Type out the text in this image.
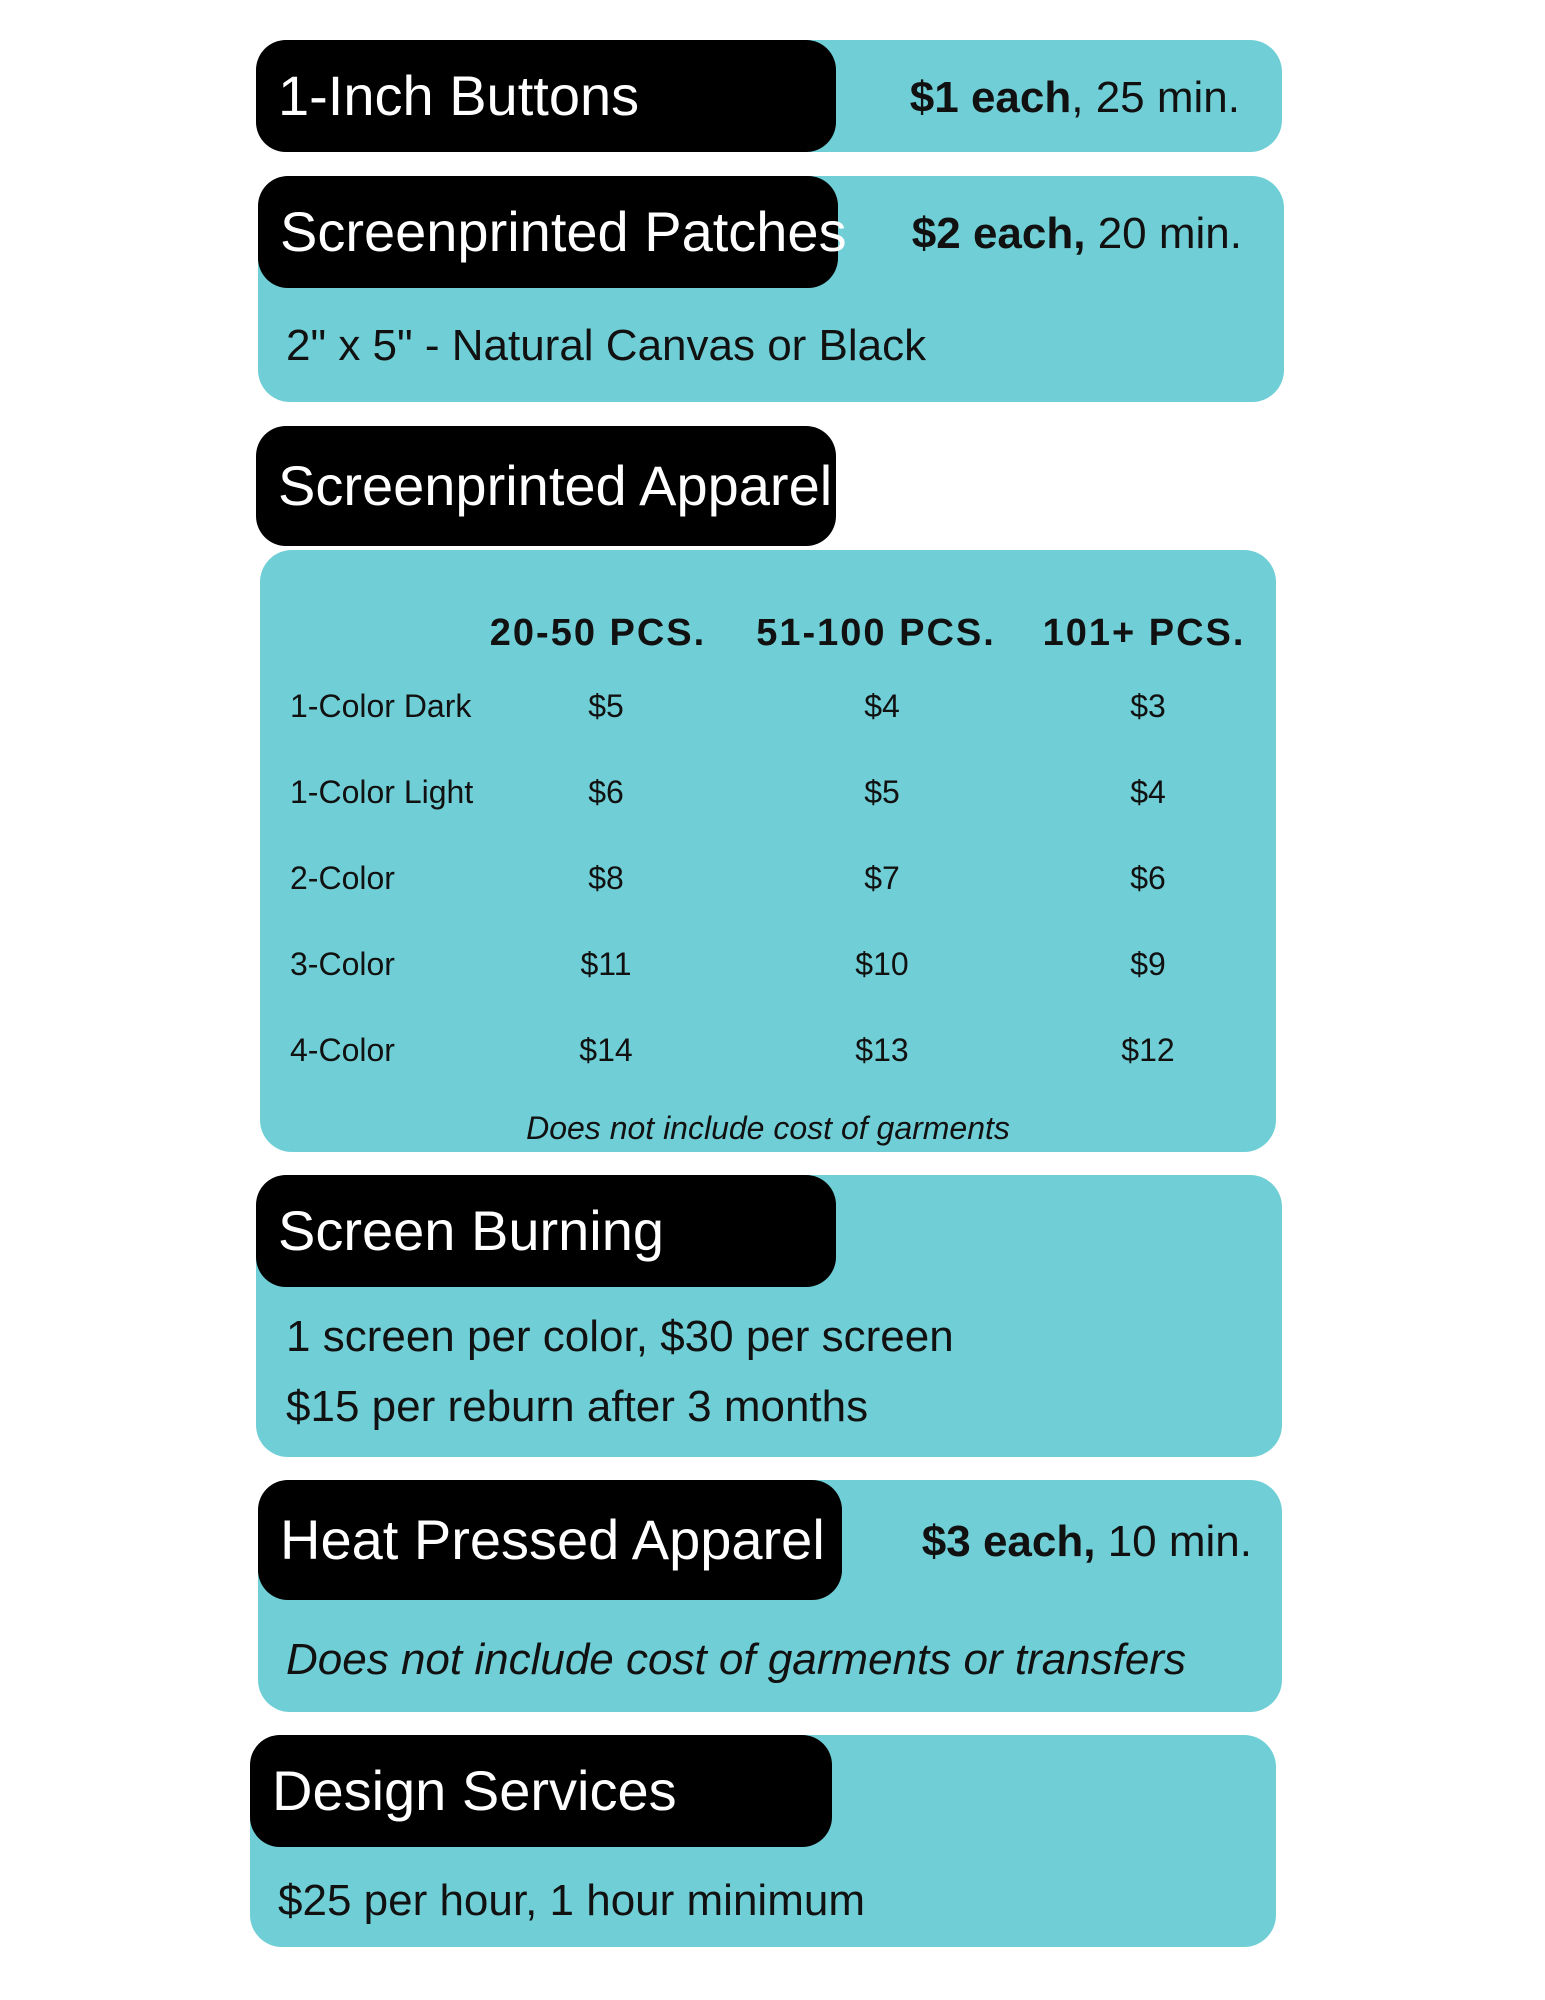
1-Inch Buttons	$1 each, 25 min.
Screenprinted Patches $2 each, 20 min.
2" x 5" - Natural Canvas or Black
Screenprinted Apparel
20-50 PCS. 51-100 PCS. 101+ PCS.
1-Color Dark	$5	$4	$3
1-Color Light	$6	$5	$4
2-Color	$8	$7	$6
3-Color	$11	$10	$9
4-Color	$14	$13	$12
Does not include cost of garments
Screen Burning
1 screen per color, $30 per screen
$15 per reburn after 3 months
Heat Pressed Apparel	$3 each, 10 min.
Does not include cost of garments or transfers
Design Services
$25 per hour, 1 hour minimum
